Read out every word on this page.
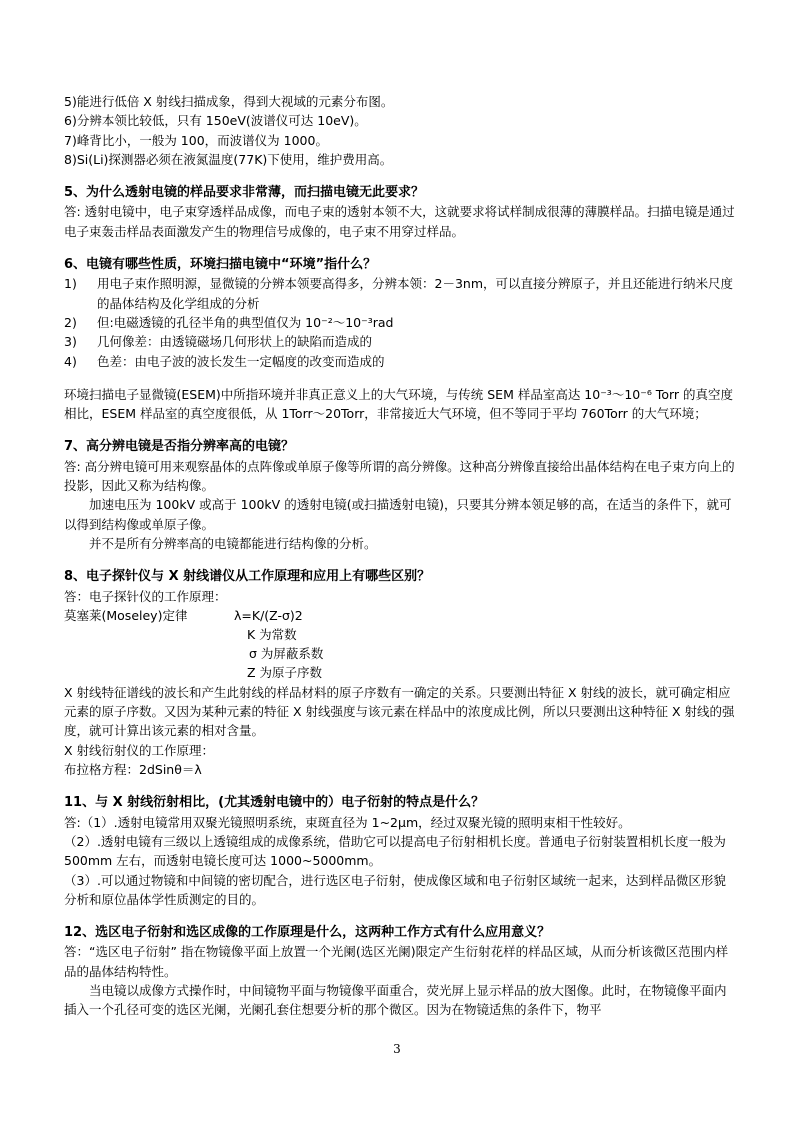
5)能进行低倍 X 射线扫描成象，得到大视域的元素分布图。

6)分辨本领比较低，只有 150eV(波谱仪可达 10eV)。

7)峰背比小，一般为 100，而波谱仪为 1000。

8)Si(Li)探测器必须在液氮温度(77K)下使用，维护费用高。

5、为什么透射电镜的样品要求非常薄，而扫描电镜无此要求？

答: 透射电镜中，电子束穿透样品成像，而电子束的透射本领不大，这就要求将试样制成很薄的薄膜样品。扫描电镜是通过电子束轰击样品表面激发产生的物理信号成像的，电子束不用穿过样品。

6、电镜有哪些性质，环境扫描电镜中“环境”指什么？

1)	用电子束作照明源，显微镜的分辨本领要高得多，分辨本领：2－3nm，可以直接分辨原子，并且还能进行纳米尺度的晶体结构及化学组成的分析
2)	但:电磁透镜的孔径半角的典型值仅为 10⁻²～10⁻³rad
3)	几何像差：由透镜磁场几何形状上的缺陷而造成的
4)	色差：由电子波的波长发生一定幅度的改变而造成的

环境扫描电子显微镜(ESEM)中所指环境并非真正意义上的大气环境，与传统 SEM 样品室高达 10⁻³～10⁻⁶ Torr 的真空度相比，ESEM 样品室的真空度很低，从 1Torr～20Torr，非常接近大气环境，但不等同于平均 760Torr 的大气环境；

7、高分辨电镜是否指分辨率高的电镜？

答: 高分辨电镜可用来观察晶体的点阵像或单原子像等所谓的高分辨像。这种高分辨像直接给出晶体结构在电子束方向上的投影，因此又称为结构像。

加速电压为 100kV 或高于 100kV 的透射电镜(或扫描透射电镜)，只要其分辨本领足够的高，在适当的条件下，就可以得到结构像或单原子像。

并不是所有分辨率高的电镜都能进行结构像的分析。

8、电子探针仪与 X 射线谱仪从工作原理和应用上有哪些区别？

答：电子探针仪的工作原理：

莫塞莱(Moseley)定律	λ=K/(Z-σ)2
K 为常数
σ 为屏蔽系数
Z 为原子序数

X 射线特征谱线的波长和产生此射线的样品材料的原子序数有一确定的关系。只要测出特征 X 射线的波长，就可确定相应元素的原子序数。又因为某种元素的特征 X 射线强度与该元素在样品中的浓度成比例，所以只要测出这种特征 X 射线的强度，就可计算出该元素的相对含量。

X 射线衍射仪的工作原理：

布拉格方程：2dSinθ＝λ

11、与 X 射线衍射相比，(尤其透射电镜中的）电子衍射的特点是什么？

答:（1）.透射电镜常用双聚光镜照明系统，束斑直径为 1~2μm，经过双聚光镜的照明束相干性较好。

（2）.透射电镜有三级以上透镜组成的成像系统，借助它可以提高电子衍射相机长度。普通电子衍射装置相机长度一般为 500mm 左右，而透射电镜长度可达 1000~5000mm。

（3）.可以通过物镜和中间镜的密切配合，进行选区电子衍射，使成像区域和电子衍射区域统一起来，达到样品微区形貌分析和原位晶体学性质测定的目的。

12、选区电子衍射和选区成像的工作原理是什么，这两种工作方式有什么应用意义？

答：“选区电子衍射” 指在物镜像平面上放置一个光阑(选区光阑)限定产生衍射花样的样品区域，从而分析该微区范围内样品的晶体结构特性。

当电镜以成像方式操作时，中间镜物平面与物镜像平面重合，荧光屏上显示样品的放大图像。此时，在物镜像平面内插入一个孔径可变的选区光阑，光阑孔套住想要分析的那个微区。因为在物镜适焦的条件下，物平

3
